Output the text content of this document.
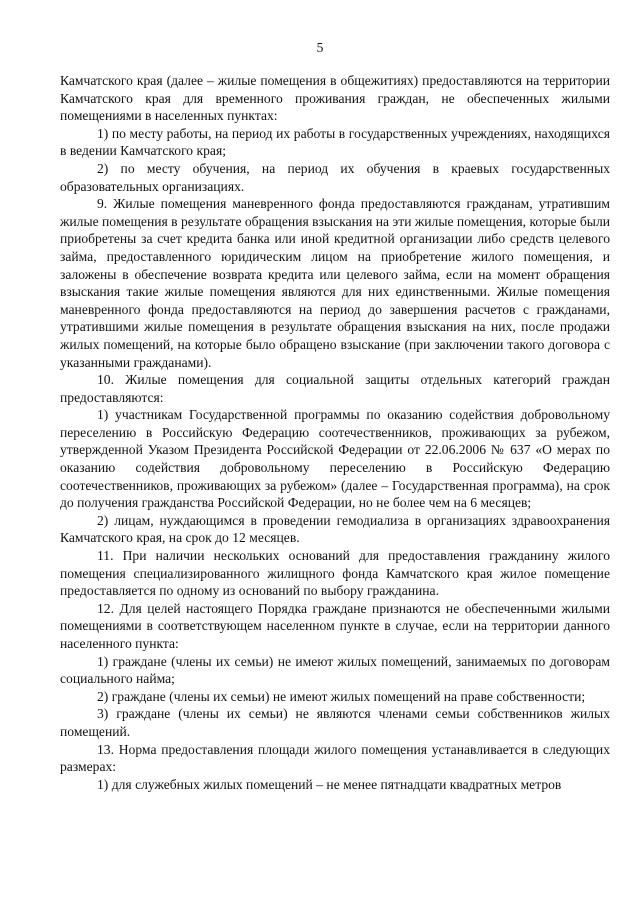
5

Камчатского края (далее – жилые помещения в общежитиях) предоставляются на территории Камчатского края для временного проживания граждан, не обеспеченных жилыми помещениями в населенных пунктах:

1) по месту работы, на период их работы в государственных учреждениях, находящихся в ведении Камчатского края;

2) по месту обучения, на период их обучения в краевых государственных образовательных организациях.

9. Жилые помещения маневренного фонда предоставляются гражданам, утратившим жилые помещения в результате обращения взыскания на эти жилые помещения, которые были приобретены за счет кредита банка или иной кредитной организации либо средств целевого займа, предоставленного юридическим лицом на приобретение жилого помещения, и заложены в обеспечение возврата кредита или целевого займа, если на момент обращения взыскания такие жилые помещения являются для них единственными. Жилые помещения маневренного фонда предоставляются на период до завершения расчетов с гражданами, утратившими жилые помещения в результате обращения взыскания на них, после продажи жилых помещений, на которые было обращено взыскание (при заключении такого договора с указанными гражданами).

10. Жилые помещения для социальной защиты отдельных категорий граждан предоставляются:

1) участникам Государственной программы по оказанию содействия добровольному переселению в Российскую Федерацию соотечественников, проживающих за рубежом, утвержденной Указом Президента Российской Федерации от 22.06.2006 № 637 «О мерах по оказанию содействия добровольному переселению в Российскую Федерацию соотечественников, проживающих за рубежом» (далее – Государственная программа), на срок до получения гражданства Российской Федерации, но не более чем на 6 месяцев;

2) лицам, нуждающимся в проведении гемодиализа в организациях здравоохранения Камчатского края, на срок до 12 месяцев.

11. При наличии нескольких оснований для предоставления гражданину жилого помещения специализированного жилищного фонда Камчатского края жилое помещение предоставляется по одному из оснований по выбору гражданина.

12. Для целей настоящего Порядка граждане признаются не обеспеченными жилыми помещениями в соответствующем населенном пункте в случае, если на территории данного населенного пункта:

1) граждане (члены их семьи) не имеют жилых помещений, занимаемых по договорам социального найма;

2) граждане (члены их семьи) не имеют жилых помещений на праве собственности;

3) граждане (члены их семьи) не являются членами семьи собственников жилых помещений.

13. Норма предоставления площади жилого помещения устанавливается в следующих размерах:

1) для служебных жилых помещений – не менее пятнадцати квадратных метров
